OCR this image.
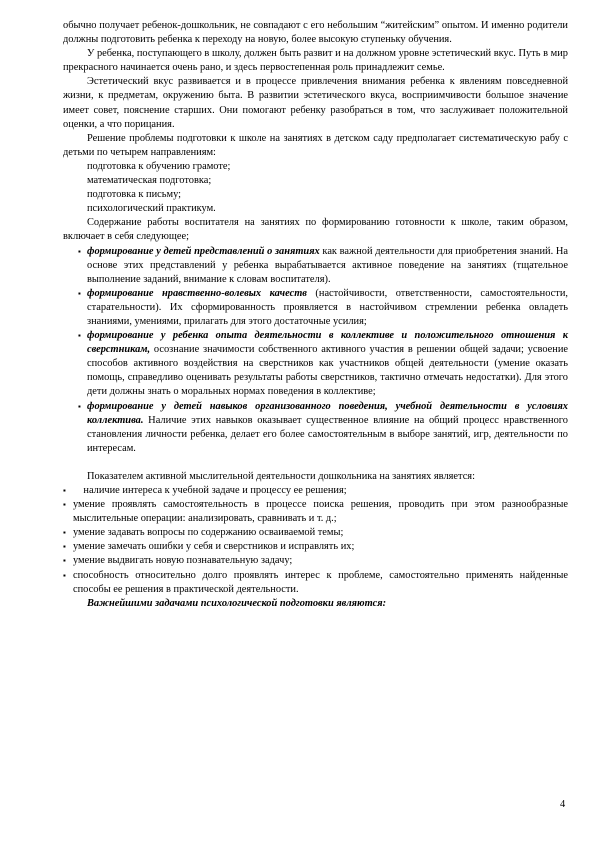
обычно получает ребенок-дошкольник, не совпадают с его небольшим “житейским” опытом. И именно родители должны подготовить ребенка к переходу на новую, более высокую ступеньку обучения.

У ребенка, поступающего в школу, должен быть развит и на должном уровне эстетический вкус. Путь в мир прекрасного начинается очень рано, и здесь первостепенная роль принадлежит семье.

Эстетический вкус развивается и в процессе привлечения внимания ребенка к явлениям повседневной жизни, к предметам, окружению быта. В развитии эстетического вкуса, восприимчивости большое значение имеет совет, пояснение старших. Они помогают ребенку разобраться в том, что заслуживает положительной оценки, а что порицания.

Решение проблемы подготовки к школе на занятиях в детском саду предполагает систематическую рабу с детьми по четырем направлениям:

подготовка к обучению грамоте;
математическая подготовка;
подготовка к письму;
психологический практикум.

Содержание работы воспитателя на занятиях по формированию готовности к школе, таким образом, включает в себя следующее;

▪ формирование у детей представлений о занятиях как важной деятельности для приобретения знаний. На основе этих представлений у ребенка вырабатывается активное поведение на занятиях (тщательное выполнение заданий, внимание к словам воспитателя).
▪ формирование нравственно-волевых качеств (настойчивости, ответственности, самостоятельности, старательности). Их сформированность проявляется в настойчивом стремлении ребенка овладеть знаниями, умениями, прилагать для этого достаточные усилия;
▪ формирование у ребенка опыта деятельности в коллективе и положительного отношения к сверстникам, осознание значимости собственного активного участия в решении общей задачи; усвоение способов активного воздействия на сверстников как участников общей деятельности (умение оказать помощь, справедливо оценивать результаты работы сверстников, тактично отмечать недостатки). Для этого дети должны знать о моральных нормах поведения в коллективе;
▪ формирование у детей навыков организованного поведения, учебной деятельности в условиях коллектива. Наличие этих навыков оказывает существенное влияние на общий процесс нравственного становления личности ребенка, делает его более самостоятельным в выборе занятий, игр, деятельности по интересам.

Показателем активной мыслительной деятельности дошкольника на занятиях является:

▪ наличие интереса к учебной задаче и процессу ее решения;
▪ умение проявлять самостоятельность в процессе поиска решения, проводить при этом разнообразные мыслительные операции: анализировать, сравнивать и т. д.;
▪ умение задавать вопросы по содержанию осваиваемой темы;
▪ умение замечать ошибки у себя и сверстников и исправлять их;
▪ умение выдвигать новую познавательную задачу;
▪ способность относительно долго проявлять интерес к проблеме, самостоятельно применять найденные способы ее решения в практической деятельности.

Важнейшими задачами психологической подготовки являются:

4
